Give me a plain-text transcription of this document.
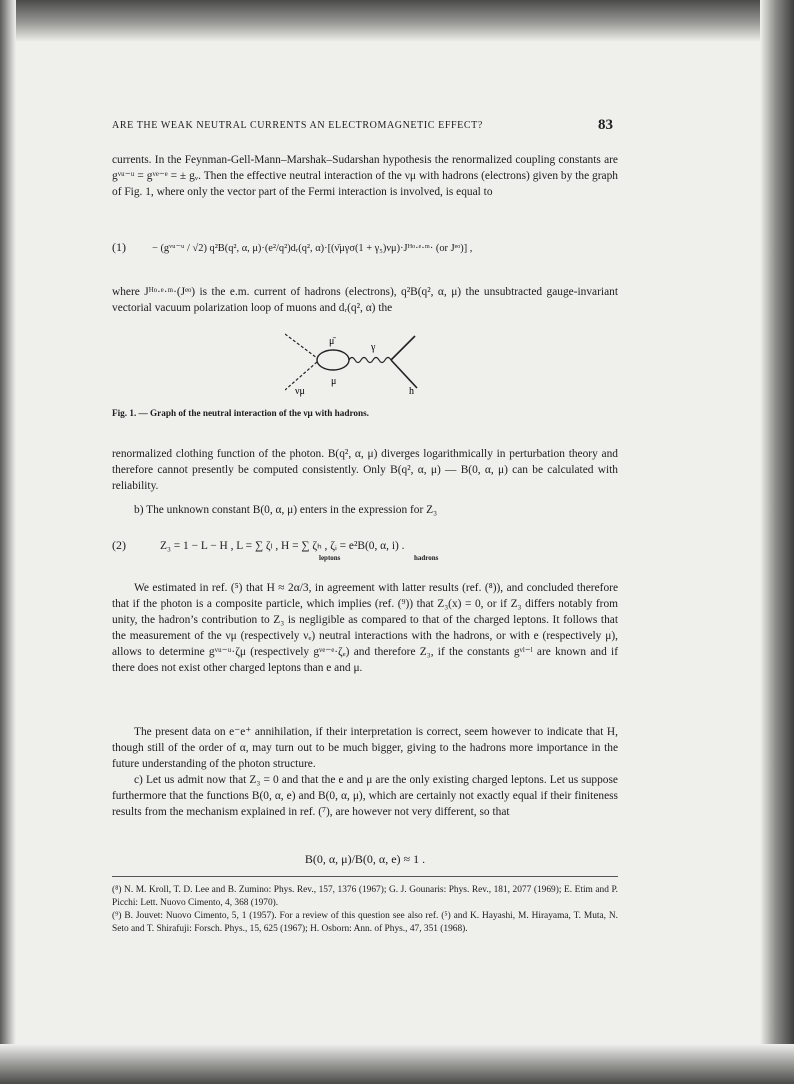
ARE THE WEAK NEUTRAL CURRENTS AN ELECTROMAGNETIC EFFECT?	83
currents. In the Feynman-Gell-Mann–Marshak–Sudarshan hypothesis the renormalized coupling constants are gᵛᵘ⁻ᵘ = gᵛᵉ⁻ᵉ = ± gᵥ. Then the effective neutral interaction of the νμ with hadrons (electrons) given by the graph of Fig. 1, where only the vector part of the Fermi interaction is involved, is equal to
(1)	− (gᵛᵘ⁻ᵘ / √2) q²B(q², α, μ)·(e²/q²)dᵣ(q², α)·[(ν̄μγσ(1 + γ₅)νμ)·Jᴴᵒ·ᵉ·ᵐ· (or Jᵉᵒ)] ,
where Jᴴᵒ·ᵉ·ᵐ·(Jᵉᵒ) is the e.m. current of hadrons (electrons), q²B(q², α, μ) the unsubtracted gauge-invariant vectorial vacuum polarization loop of muons and dᵣ(q², α) the
μ̄
γ
μ
νμ	h
Fig. 1. — Graph of the neutral interaction of the νμ with hadrons.
renormalized clothing function of the photon. B(q², α, μ) diverges logarithmically in perturbation theory and therefore cannot presently be computed consistently. Only B(q², α, μ) — B(0, α, μ) can be calculated with reliability.
b) The unknown constant B(0, α, μ) enters in the expression for Z₃
(2)	Z₃ = 1 − L − H , L = ∑ ζₗ , H = ∑ ζₕ , ζᵢ = e²B(0, α, i) .
leptons	hadrons
We estimated in ref. (⁵) that H ≈ 2α/3, in agreement with latter results (ref. (⁸)), and concluded therefore that if the photon is a composite particle, which implies (ref. (⁹)) that Z₃(x) = 0, or if Z₃ differs notably from unity, the hadron’s contribution to Z₃ is negligible as compared to that of the charged leptons. It follows that the measurement of the νμ (respectively νₑ) neutral interactions with the hadrons, or with e (respectively μ), allows to determine gᵛᵘ⁻ᵘ·ζμ (respectively gᵛᵉ⁻ᵉ·ζₑ) and therefore Z₃, if the constants gᵛˡ⁻ˡ are known and if there does not exist other charged leptons than e and μ.
The present data on e⁻e⁺ annihilation, if their interpretation is correct, seem however to indicate that H, though still of the order of α, may turn out to be much bigger, giving to the hadrons more importance in the future understanding of the photon structure.
c) Let us admit now that Z₃ = 0 and that the e and μ are the only existing charged leptons. Let us suppose furthermore that the functions B(0, α, e) and B(0, α, μ), which are certainly not exactly equal if their finiteness results from the mechanism explained in ref. (⁷), are however not very different, so that
B(0, α, μ)/B(0, α, e) ≈ 1 .
(⁸) N. M. Kroll, T. D. Lee and B. Zumino: Phys. Rev., 157, 1376 (1967); G. J. Gounaris: Phys. Rev., 181, 2077 (1969); E. Etim and P. Picchi: Lett. Nuovo Cimento, 4, 368 (1970).
(⁹) B. Jouvet: Nuovo Cimento, 5, 1 (1957). For a review of this question see also ref. (⁵) and K. Hayashi, M. Hirayama, T. Muta, N. Seto and T. Shirafuji: Forsch. Phys., 15, 625 (1967); H. Osborn: Ann. of Phys., 47, 351 (1968).
